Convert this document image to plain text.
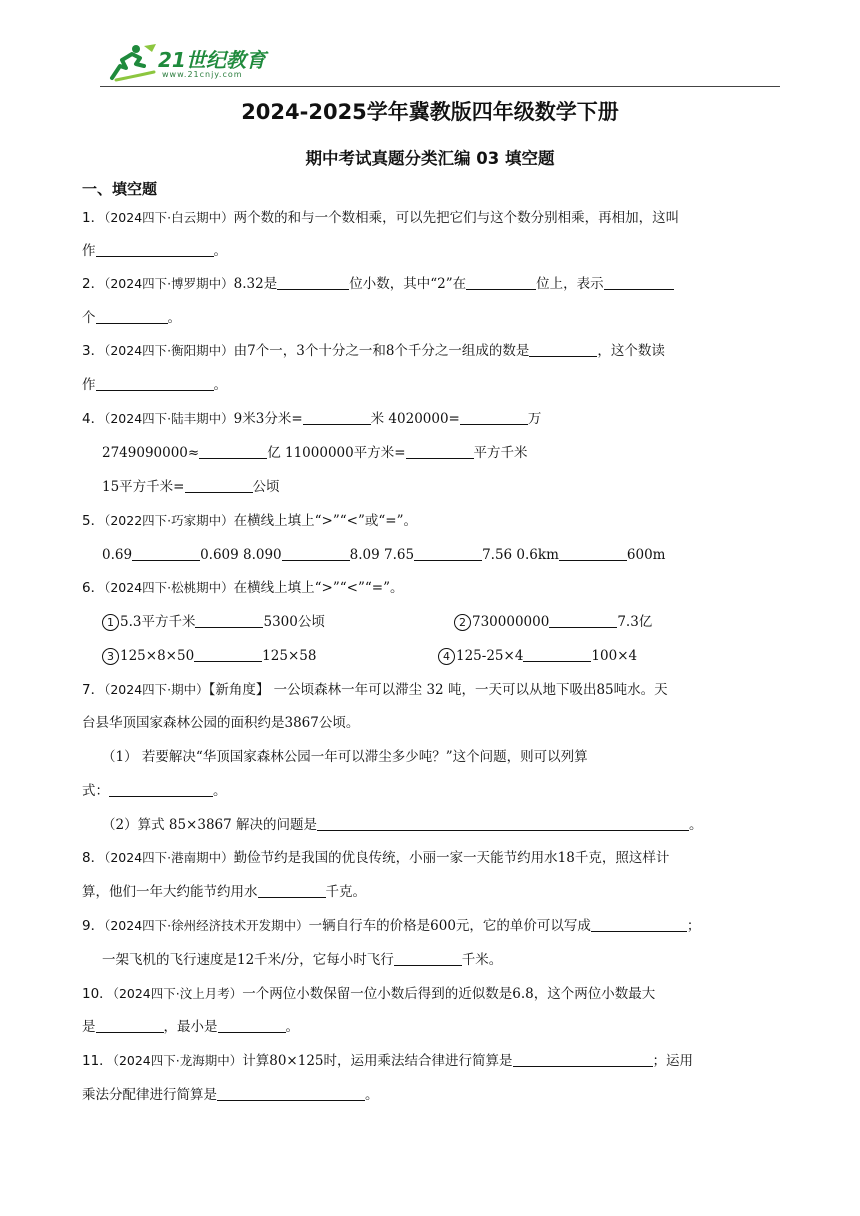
21世纪教育
www.21cnjy.com
2024-2025学年冀教版四年级数学下册
期中考试真题分类汇编 03 填空题
一、填空题
1．（2024四下·白云期中）两个数的和与一个数相乘，可以先把它们与这个数分别相乘，再相加，这叫
作	。
2．（2024四下·博罗期中）8.32是	位小数，其中“2”在	位上，表示
个	。
3．（2024四下·衡阳期中）由7个一，3个十分之一和8个千分之一组成的数是	，这个数读
作	。
4．（2024四下·陆丰期中）9米3分米=	米 4020000=	万
2749090000≈	亿 11000000平方米=	平方千米
15平方千米=	公顷
5．（2022四下·巧家期中）在横线上填上“>”“<”或“=”。
0.69	0.609 8.090	8.09 7.65	7.56 0.6km	600m
6．（2024四下·松桃期中）在横线上填上“>”“<”“=”。
1 5.3平方千米	5300公顷	2 730000000	7.3亿
3 125×8×50	125×58	4 125-25×4	100×4
7．（2024四下·期中）【新角度】 一公顷森林一年可以滞尘 32 吨，一天可以从地下吸出85吨水。天
台县华顶国家森林公园的面积约是3867公顷。
（1） 若要解决“华顶国家森林公园一年可以滞尘多少吨？”这个问题，则可以列算
式：	。
（2）算式 85×3867 解决的问题是	。
8．（2024四下·港南期中）勤俭节约是我国的优良传统，小丽一家一天能节约用水18千克，照这样计
算，他们一年大约能节约用水	千克。
9．（2024四下·徐州经济技术开发期中）一辆自行车的价格是600元，它的单价可以写成	；
一架飞机的飞行速度是12千米/分，它每小时飞行	千米。
10．（2024四下·汶上月考）一个两位小数保留一位小数后得到的近似数是6.8，这个两位小数最大
是	，最小是	。
11．（2024四下·龙海期中）计算80×125时，运用乘法结合律进行简算是	；运用
乘法分配律进行简算是	。
